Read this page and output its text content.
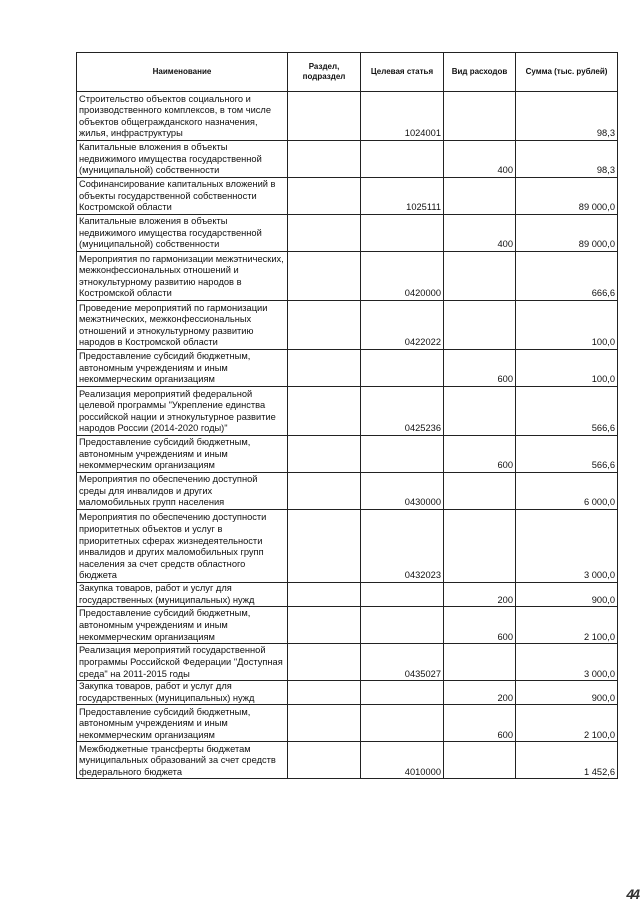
Наименование	Раздел, подраздел	Целевая статья	Вид расходов	Сумма (тыс. рублей)
Строительство объектов социального и производственного комплексов, в том числе объектов общегражданского назначения, жилья, инфраструктуры		1024001		98,3
Капитальные вложения в объекты недвижимого имущества государственной (муниципальной) собственности			400	98,3
Софинансирование капитальных вложений в объекты государственной собственности Костромской области		1025111		89 000,0
Капитальные вложения в объекты недвижимого имущества государственной (муниципальной) собственности			400	89 000,0
Мероприятия по гармонизации межэтнических, межконфессиональных отношений и этнокультурному развитию народов в Костромской области		0420000		666,6
Проведение мероприятий по гармонизации межэтнических, межконфессиональных отношений и этнокультурному развитию народов в Костромской области		0422022		100,0
Предоставление субсидий бюджетным, автономным учреждениям и иным некоммерческим организациям			600	100,0
Реализация мероприятий федеральной целевой программы "Укрепление единства российской нации и этнокультурное развитие народов России (2014-2020 годы)"		0425236		566,6
Предоставление субсидий бюджетным, автономным учреждениям и иным некоммерческим организациям			600	566,6
Мероприятия по обеспечению доступной среды для инвалидов и других маломобильных групп населения		0430000		6 000,0
Мероприятия по обеспечению доступности приоритетных объектов и услуг в приоритетных сферах жизнедеятельности инвалидов и других маломобильных групп населения за счет средств областного бюджета		0432023		3 000,0
Закупка товаров, работ и услуг для государственных (муниципальных) нужд			200	900,0
Предоставление субсидий бюджетным, автономным учреждениям и иным некоммерческим организациям			600	2 100,0
Реализация мероприятий государственной программы Российской Федерации "Доступная среда" на 2011-2015 годы		0435027		3 000,0
Закупка товаров, работ и услуг для государственных (муниципальных) нужд			200	900,0
Предоставление субсидий бюджетным, автономным учреждениям и иным некоммерческим организациям			600	2 100,0
Межбюджетные трансферты бюджетам муниципальных образований за счет средств федерального бюджета		4010000		1 452,6
44
